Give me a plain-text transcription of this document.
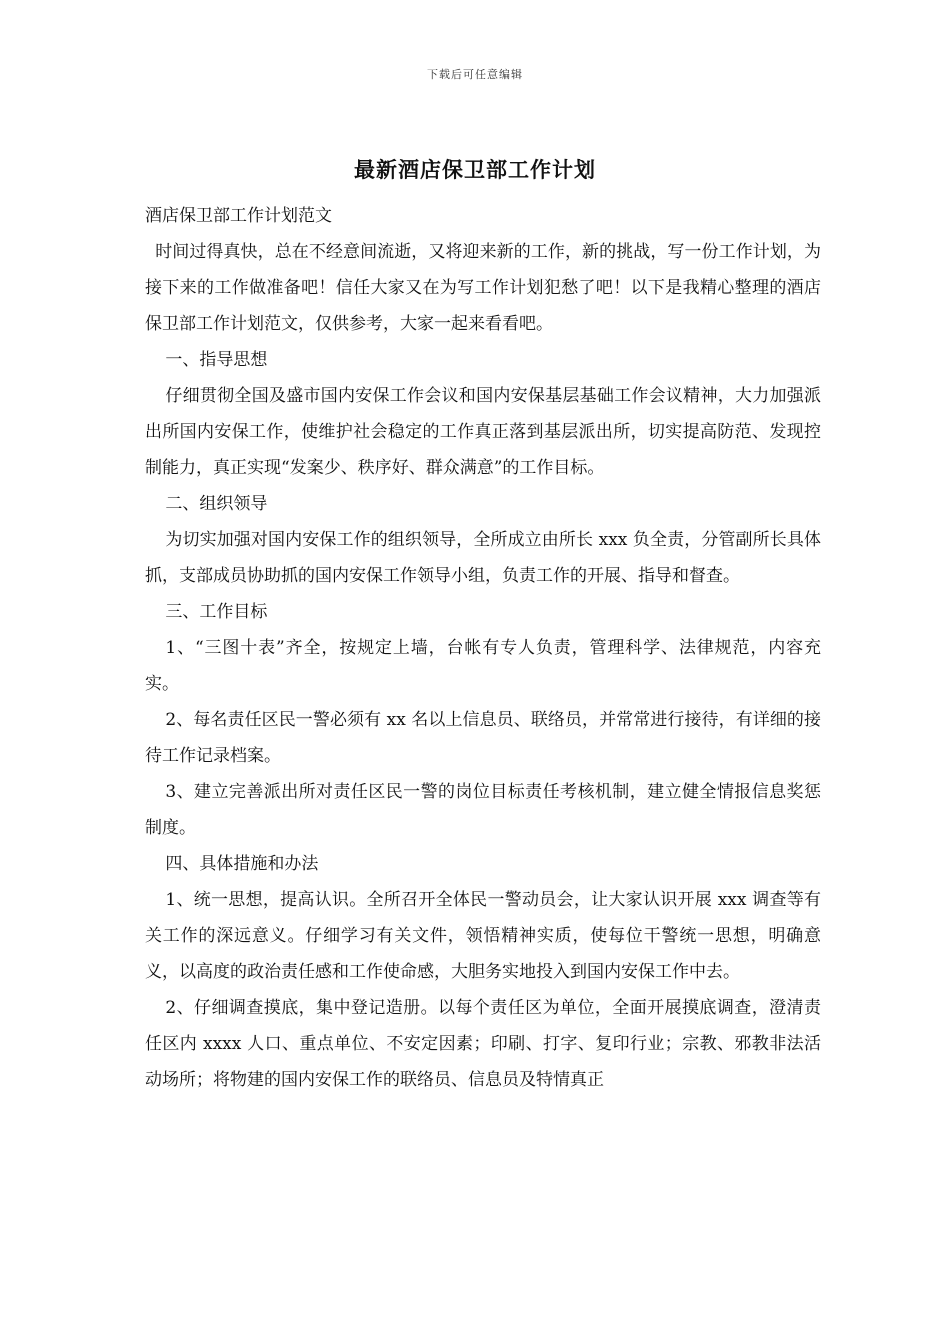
下载后可任意编辑
最新酒店保卫部工作计划

酒店保卫部工作计划范文

时间过得真快，总在不经意间流逝，又将迎来新的工作，新的挑战，写一份工作计划，为接下来的工作做准备吧！信任大家又在为写工作计划犯愁了吧！以下是我精心整理的酒店保卫部工作计划范文，仅供参考，大家一起来看看吧。

一、指导思想

仔细贯彻全国及盛市国内安保工作会议和国内安保基层基础工作会议精神，大力加强派出所国内安保工作，使维护社会稳定的工作真正落到基层派出所，切实提高防范、发现控制能力，真正实现“发案少、秩序好、群众满意”的工作目标。

二、组织领导

为切实加强对国内安保工作的组织领导，全所成立由所长 xxx 负全责，分管副所长具体抓，支部成员协助抓的国内安保工作领导小组，负责工作的开展、指导和督查。

三、工作目标

1、“三图十表”齐全，按规定上墙，台帐有专人负责，管理科学、法律规范，内容充实。

2、每名责任区民一警必须有 xx 名以上信息员、联络员，并常常进行接待，有详细的接待工作记录档案。

3、建立完善派出所对责任区民一警的岗位目标责任考核机制，建立健全情报信息奖惩制度。

四、具体措施和办法

1、统一思想，提高认识。全所召开全体民一警动员会，让大家认识开展 xxx 调查等有关工作的深远意义。仔细学习有关文件，领悟精神实质，使每位干警统一思想，明确意义，以高度的政治责任感和工作使命感，大胆务实地投入到国内安保工作中去。

2、仔细调查摸底，集中登记造册。以每个责任区为单位，全面开展摸底调查，澄清责任区内 xxxx 人口、重点单位、不安定因素；印刷、打字、复印行业；宗教、邪教非法活动场所；将物建的国内安保工作的联络员、信息员及特情真正
